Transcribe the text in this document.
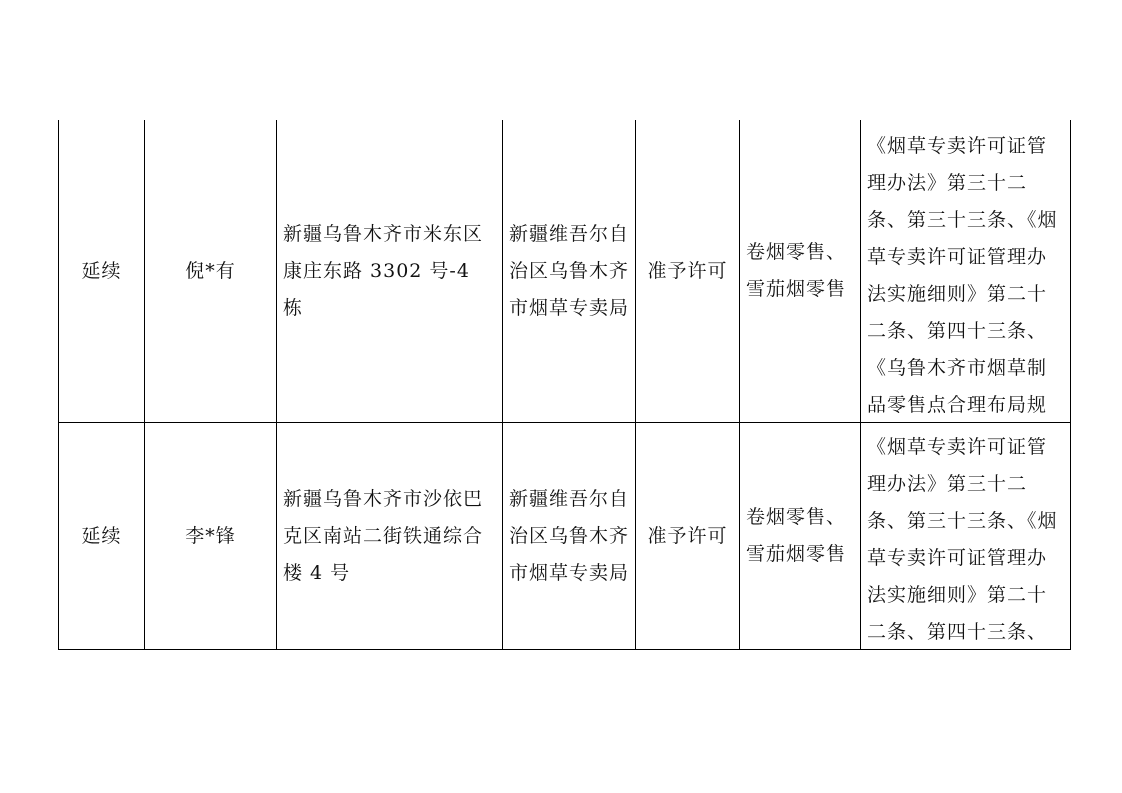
延续	倪*有	新疆乌鲁木齐市米东区康庄东路 3302 号-4 栋	新疆维吾尔自治区乌鲁木齐市烟草专卖局	准予许可	卷烟零售、雪茄烟零售	《烟草专卖许可证管理办法》第三十二条、第三十三条、《烟草专卖许可证管理办法实施细则》第二十二条、第四十三条、《乌鲁木齐市烟草制品零售点合理布局规

延续	李*锋	新疆乌鲁木齐市沙依巴克区南站二街铁通综合楼 4 号	新疆维吾尔自治区乌鲁木齐市烟草专卖局	准予许可	卷烟零售、雪茄烟零售	《烟草专卖许可证管理办法》第三十二条、第三十三条、《烟草专卖许可证管理办法实施细则》第二十二条、第四十三条、
